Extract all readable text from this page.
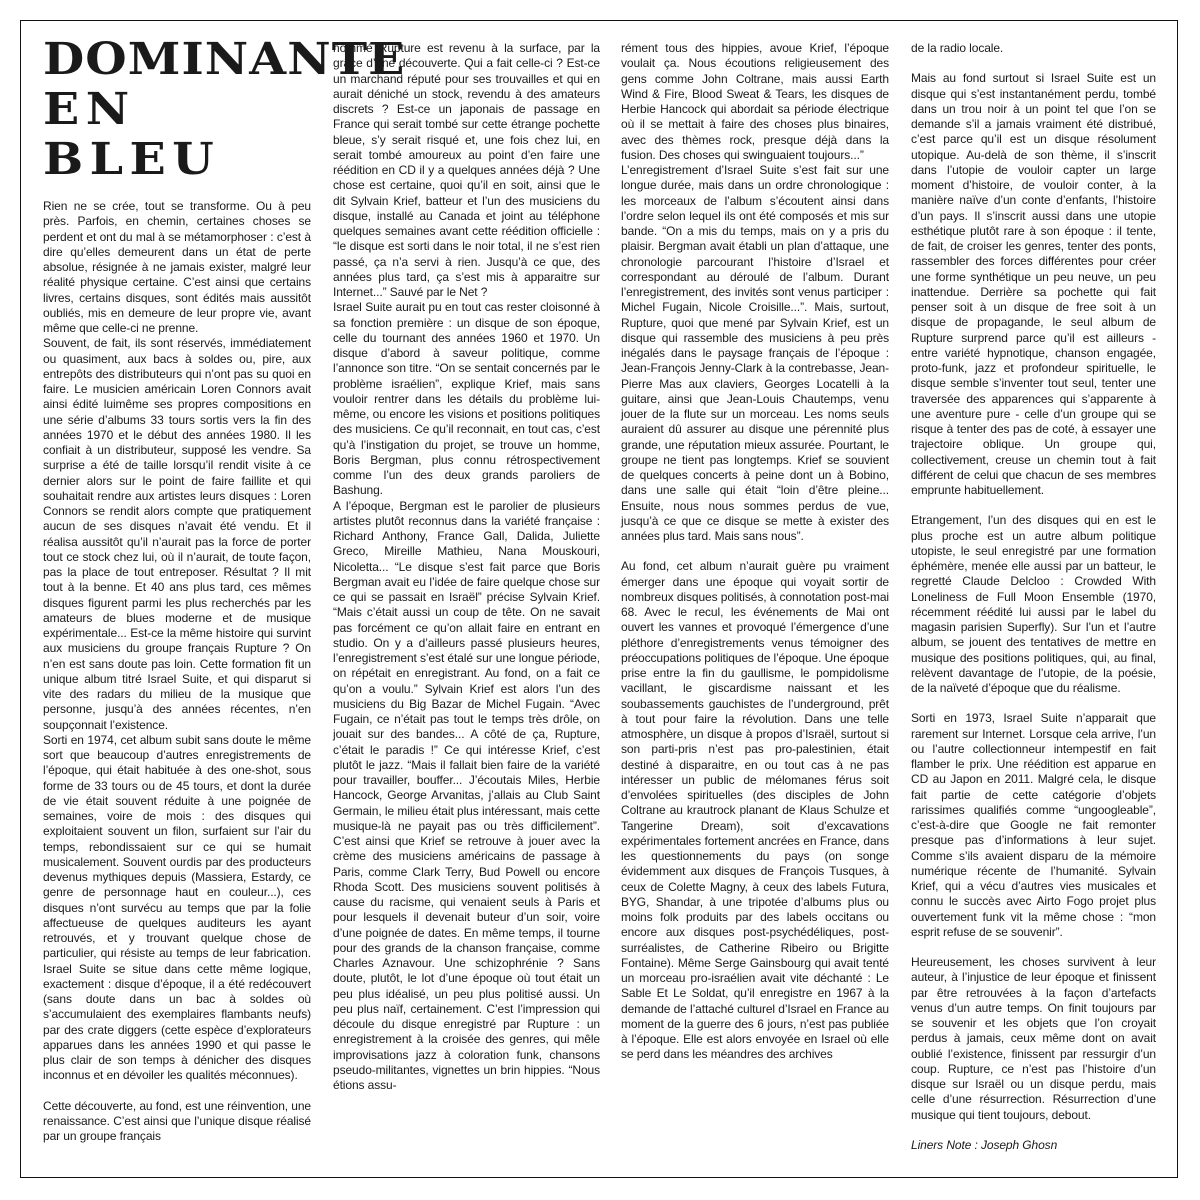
DOMINANTE
EN BLEU

Rien ne se crée, tout se transforme. Ou à peu près. Parfois, en chemin, certaines choses se perdent et ont du mal à se métamorphoser : c’est à dire qu’elles demeurent dans un état de perte absolue, résignée à ne jamais exister, malgré leur réalité physique certaine. C’est ainsi que certains livres, certains disques, sont édités mais aussitôt oubliés, mis en demeure de leur propre vie, avant même que celle-ci ne prenne.

Souvent, de fait, ils sont réservés, immédiatement ou quasiment, aux bacs à soldes ou, pire, aux entrepôts des distributeurs qui n’ont pas su quoi en faire. Le musicien américain Loren Connors avait ainsi édité luimême ses propres compositions en une série d’albums 33 tours sortis vers la fin des années 1970 et le début des années 1980. Il les confiait à un distributeur, supposé les vendre. Sa surprise a été de taille lorsqu’il rendit visite à ce dernier alors sur le point de faire faillite et qui souhaitait rendre aux artistes leurs disques : Loren Connors se rendit alors compte que pratiquement aucun de ses disques n’avait été vendu. Et il réalisa aussitôt qu’il n’aurait pas la force de porter tout ce stock chez lui, où il n’aurait, de toute façon, pas la place de tout entreposer. Résultat ? Il mit tout à la benne. Et 40 ans plus tard, ces mêmes disques figurent parmi les plus recherchés par les amateurs de blues moderne et de musique expérimentale... Est-ce la même histoire qui survint aux musiciens du groupe français Rupture ? On n’en est sans doute pas loin. Cette formation fit un unique album titré Israel Suite, et qui disparut si vite des radars du milieu de la musique que personne, jusqu’à des années récentes, n’en soupçonnait l’existence.

Sorti en 1974, cet album subit sans doute le même sort que beaucoup d’autres enregistrements de l’époque, qui était habituée à des one-shot, sous forme de 33 tours ou de 45 tours, et dont la durée de vie était souvent réduite à une poignée de semaines, voire de mois : des disques qui exploitaient souvent un filon, surfaient sur l’air du temps, rebondissaient sur ce qui se humait musicalement. Souvent ourdis par des producteurs devenus mythiques depuis (Massiera, Estardy, ce genre de personnage haut en couleur...), ces disques n’ont survécu au temps que par la folie affectueuse de quelques auditeurs les ayant retrouvés, et y trouvant quelque chose de particulier, qui résiste au temps de leur fabrication. Israel Suite se situe dans cette même logique, exactement : disque d’époque, il a été redécouvert (sans doute dans un bac à soldes où s’accumulaient des exemplaires flambants neufs) par des crate diggers (cette espèce d’explorateurs apparues dans les années 1990 et qui passe le plus clair de son temps à dénicher des disques inconnus et en dévoiler les qualités méconnues).

Cette découverte, au fond, est une réinvention, une renaissance. C’est ainsi que l’unique disque réalisé par un groupe français

nommé Rupture est revenu à la surface, par la grâce d’une découverte. Qui a fait celle-ci ? Est-ce un marchand réputé pour ses trouvailles et qui en aurait déniché un stock, revendu à des amateurs discrets ? Est-ce un japonais de passage en France qui serait tombé sur cette étrange pochette bleue, s’y serait risqué et, une fois chez lui, en serait tombé amoureux au point d’en faire une réédition en CD il y a quelques années déjà ? Une chose est certaine, quoi qu’il en soit, ainsi que le dit Sylvain Krief, batteur et l’un des musiciens du disque, installé au Canada et joint au téléphone quelques semaines avant cette réédition officielle : “le disque est sorti dans le noir total, il ne s’est rien passé, ça n’a servi à rien. Jusqu’à ce que, des années plus tard, ça s’est mis à apparaitre sur Internet...” Sauvé par le Net ?

Israel Suite aurait pu en tout cas rester cloisonné à sa fonction première : un disque de son époque, celle du tournant des années 1960 et 1970. Un disque d’abord à saveur politique, comme l’annonce son titre. “On se sentait concernés par le problème israélien”, explique Krief, mais sans vouloir rentrer dans les détails du problème lui-même, ou encore les visions et positions politiques des musiciens. Ce qu’il reconnait, en tout cas, c’est qu’à l’instigation du projet, se trouve un homme, Boris Bergman, plus connu rétrospectivement comme l’un des deux grands paroliers de Bashung.

A l’époque, Bergman est le parolier de plusieurs artistes plutôt reconnus dans la variété française : Richard Anthony, France Gall, Dalida, Juliette Greco, Mireille Mathieu, Nana Mouskouri, Nicoletta... “Le disque s’est fait parce que Boris Bergman avait eu l’idée de faire quelque chose sur ce qui se passait en Israël” précise Sylvain Krief. “Mais c’était aussi un coup de tête. On ne savait pas forcément ce qu’on allait faire en entrant en studio. On y a d’ailleurs passé plusieurs heures, l’enregistrement s’est étalé sur une longue période, on répétait en enregistrant. Au fond, on a fait ce qu’on a voulu.” Sylvain Krief est alors l’un des musiciens du Big Bazar de Michel Fugain. “Avec Fugain, ce n’était pas tout le temps très drôle, on jouait sur des bandes... A côté de ça, Rupture, c’était le paradis !” Ce qui intéresse Krief, c’est plutôt le jazz. “Mais il fallait bien faire de la variété pour travailler, bouffer... J’écoutais Miles, Herbie Hancock, George Arvanitas, j’allais au Club Saint Germain, le milieu était plus intéressant, mais cette musique-là ne payait pas ou très difficilement”. C’est ainsi que Krief se retrouve à jouer avec la crème des musiciens américains de passage à Paris, comme Clark Terry, Bud Powell ou encore Rhoda Scott. Des musiciens souvent politisés à cause du racisme, qui venaient seuls à Paris et pour lesquels il devenait buteur d’un soir, voire d’une poignée de dates. En même temps, il tourne pour des grands de la chanson française, comme Charles Aznavour. Une schizophrénie ? Sans doute, plutôt, le lot d’une époque où tout était un peu plus idéalisé, un peu plus politisé aussi. Un peu plus naïf, certainement. C’est l’impression qui découle du disque enregistré par Rupture : un enregistrement à la croisée des genres, qui mêle improvisations jazz à coloration funk, chansons pseudo-militantes, vignettes un brin hippies. “Nous étions assu-

rément tous des hippies, avoue Krief, l’époque voulait ça. Nous écoutions religieusement des gens comme John Coltrane, mais aussi Earth Wind & Fire, Blood Sweat & Tears, les disques de Herbie Hancock qui abordait sa période électrique où il se mettait à faire des choses plus binaires, avec des thèmes rock, presque déjà dans la fusion. Des choses qui swinguaient toujours...”

L’enregistrement d’Israel Suite s’est fait sur une longue durée, mais dans un ordre chronologique : les morceaux de l’album s’écoutent ainsi dans l’ordre selon lequel ils ont été composés et mis sur bande. “On a mis du temps, mais on y a pris du plaisir. Bergman avait établi un plan d’attaque, une chronologie parcourant l’histoire d’Israel et correspondant au déroulé de l’album. Durant l’enregistrement, des invités sont venus participer : Michel Fugain, Nicole Croisille...”. Mais, surtout, Rupture, quoi que mené par Sylvain Krief, est un disque qui rassemble des musiciens à peu près inégalés dans le paysage français de l’époque : Jean-François Jenny-Clark à la contrebasse, Jean-Pierre Mas aux claviers, Georges Locatelli à la guitare, ainsi que Jean-Louis Chautemps, venu jouer de la flute sur un morceau. Les noms seuls auraient dû assurer au disque une pérennité plus grande, une réputation mieux assurée. Pourtant, le groupe ne tient pas longtemps. Krief se souvient de quelques concerts à peine dont un à Bobino, dans une salle qui était “loin d’être pleine... Ensuite, nous nous sommes perdus de vue, jusqu’à ce que ce disque se mette à exister des années plus tard. Mais sans nous”.

Au fond, cet album n’aurait guère pu vraiment émerger dans une époque qui voyait sortir de nombreux disques politisés, à connotation post-mai 68. Avec le recul, les événements de Mai ont ouvert les vannes et provoqué l’émergence d’une pléthore d’enregistrements venus témoigner des préoccupations politiques de l’époque. Une époque prise entre la fin du gaullisme, le pompidolisme vacillant, le giscardisme naissant et les soubassements gauchistes de l’underground, prêt à tout pour faire la révolution. Dans une telle atmosphère, un disque à propos d’Israël, surtout si son parti-pris n’est pas pro-palestinien, était destiné à disparaitre, en ou tout cas à ne pas intéresser un public de mélomanes férus soit d’envolées spirituelles (des disciples de John Coltrane au krautrock planant de Klaus Schulze et Tangerine Dream), soit d’excavations expérimentales fortement ancrées en France, dans les questionnements du pays (on songe évidemment aux disques de François Tusques, à ceux de Colette Magny, à ceux des labels Futura, BYG, Shandar, à une tripotée d’albums plus ou moins folk produits par des labels occitans ou encore aux disques post-psychédéliques, post-surréalistes, de Catherine Ribeiro ou Brigitte Fontaine). Même Serge Gainsbourg qui avait tenté un morceau pro-israélien avait vite déchanté : Le Sable Et Le Soldat, qu’il enregistre en 1967 à la demande de l’attaché culturel d’Israel en France au moment de la guerre des 6 jours, n’est pas publiée à l’époque. Elle est alors envoyée en Israel où elle se perd dans les méandres des archives

de la radio locale.

Mais au fond surtout si Israel Suite est un disque qui s’est instantanément perdu, tombé dans un trou noir à un point tel que l’on se demande s’il a jamais vraiment été distribué, c’est parce qu’il est un disque résolument utopique. Au-delà de son thème, il s’inscrit dans l’utopie de vouloir capter un large moment d’histoire, de vouloir conter, à la manière naïve d’un conte d’enfants, l’histoire d’un pays. Il s’inscrit aussi dans une utopie esthétique plutôt rare à son époque : il tente, de fait, de croiser les genres, tenter des ponts, rassembler des forces différentes pour créer une forme synthétique un peu neuve, un peu inattendue. Derrière sa pochette qui fait penser soit à un disque de free soit à un disque de propagande, le seul album de Rupture surprend parce qu’il est ailleurs - entre variété hypnotique, chanson engagée, proto-funk, jazz et profondeur spirituelle, le disque semble s’inventer tout seul, tenter une traversée des apparences qui s’apparente à une aventure pure - celle d’un groupe qui se risque à tenter des pas de coté, à essayer une trajectoire oblique. Un groupe qui, collectivement, creuse un chemin tout à fait différent de celui que chacun de ses membres emprunte habituellement.

Etrangement, l’un des disques qui en est le plus proche est un autre album politique utopiste, le seul enregistré par une formation éphémère, menée elle aussi par un batteur, le regretté Claude Delcloo : Crowded With Loneliness de Full Moon Ensemble (1970, récemment réédité lui aussi par le label du magasin parisien Superfly). Sur l’un et l’autre album, se jouent des tentatives de mettre en musique des positions politiques, qui, au final, relèvent davantage de l’utopie, de la poésie, de la naïveté d’époque que du réalisme.

Sorti en 1973, Israel Suite n’apparait que rarement sur Internet. Lorsque cela arrive, l’un ou l’autre collectionneur intempestif en fait flamber le prix. Une réédition est apparue en CD au Japon en 2011. Malgré cela, le disque fait partie de cette catégorie d’objets rarissimes qualifiés comme “ungoogleable”, c’est-à-dire que Google ne fait remonter presque pas d’informations à leur sujet. Comme s’ils avaient disparu de la mémoire numérique récente de l’humanité. Sylvain Krief, qui a vécu d’autres vies musicales et connu le succès avec Airto Fogo projet plus ouvertement funk vit la même chose : “mon esprit refuse de se souvenir”.

Heureusement, les choses survivent à leur auteur, à l’injustice de leur époque et finissent par être retrouvées à la façon d’artefacts venus d’un autre temps. On finit toujours par se souvenir et les objets que l’on croyait perdus à jamais, ceux même dont on avait oublié l’existence, finissent par ressurgir d’un coup. Rupture, ce n’est pas l’histoire d’un disque sur Israël ou un disque perdu, mais celle d’une résurrection. Résurrection d’une musique qui tient toujours, debout.

Liners Note : Joseph Ghosn
